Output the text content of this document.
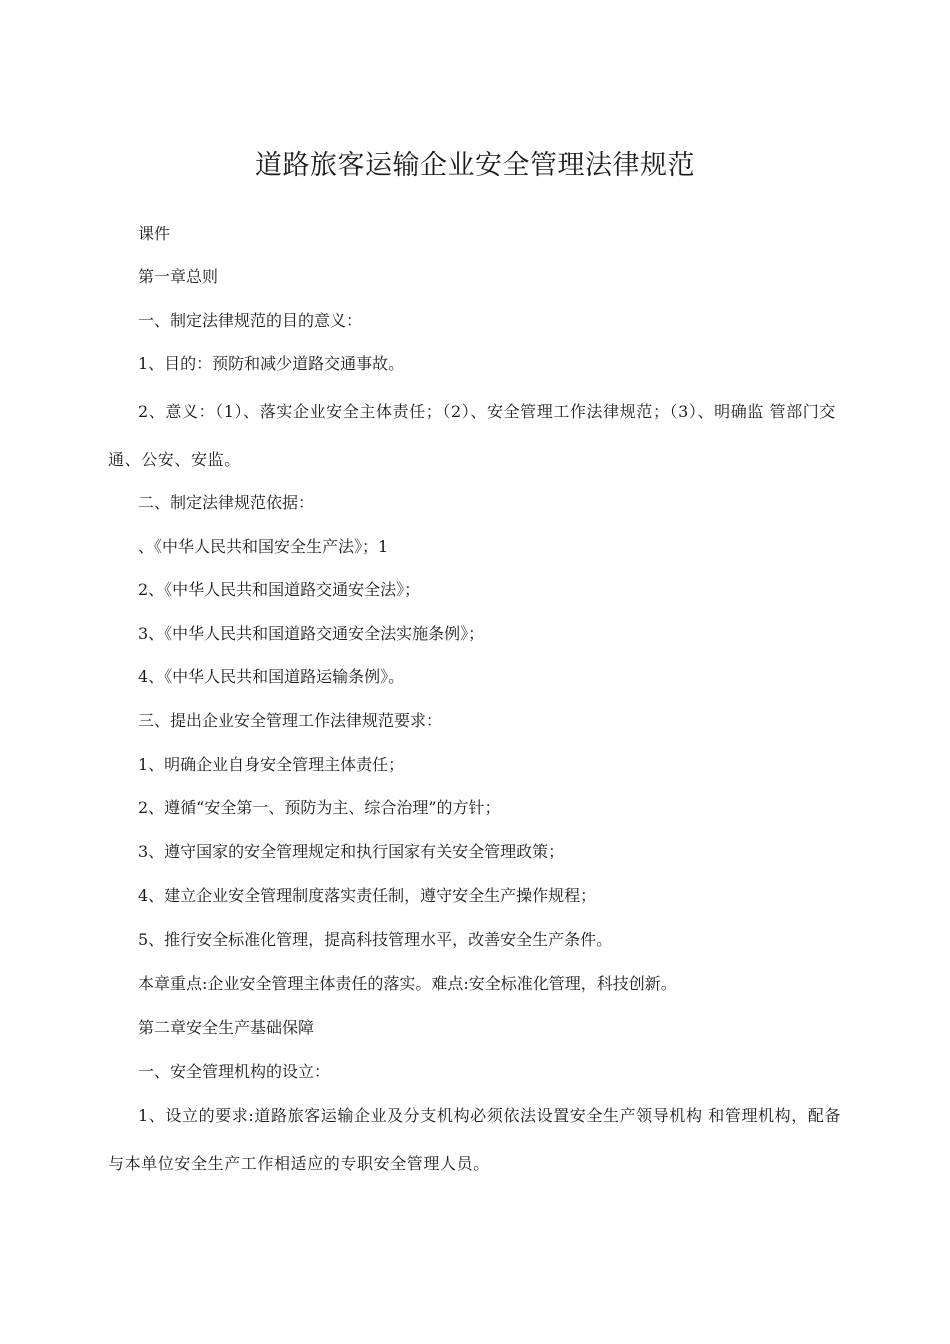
道路旅客运输企业安全管理法律规范

课件

第一章总则

一、制定法律规范的目的意义：

1、目的：预防和减少道路交通事故。

2、意义：（1）、落实企业安全主体责任；（2）、安全管理工作法律规范；（3）、明确监 管部门交通、公安、安监。

二、制定法律规范依据：

、《中华人民共和国安全生产法》；1

2、《中华人民共和国道路交通安全法》；

3、《中华人民共和国道路交通安全法实施条例》；

4、《中华人民共和国道路运输条例》。

三、提出企业安全管理工作法律规范要求：

1、明确企业自身安全管理主体责任；

2、遵循“安全第一、预防为主、综合治理”的方针；

3、遵守国家的安全管理规定和执行国家有关安全管理政策；

4、建立企业安全管理制度落实责任制，遵守安全生产操作规程；

5、推行安全标准化管理，提高科技管理水平，改善安全生产条件。

本章重点:企业安全管理主体责任的落实。难点:安全标准化管理，科技创新。

第二章安全生产基础保障

一、安全管理机构的设立：

1、设立的要求:道路旅客运输企业及分支机构必须依法设置安全生产领导机构 和管理机构，配备与本单位安全生产工作相适应的专职安全管理人员。
